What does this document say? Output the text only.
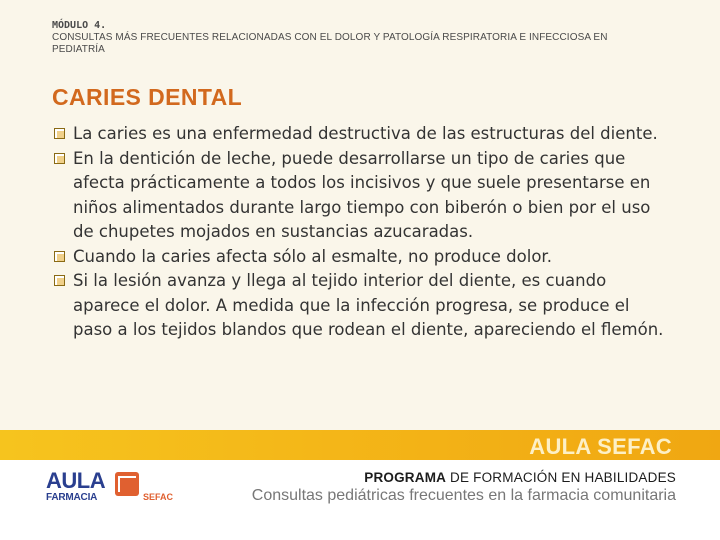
MÓDULO 4.
CONSULTAS MÁS FRECUENTES RELACIONADAS CON EL DOLOR Y PATOLOGÍA RESPIRATORIA E INFECCIOSA EN PEDIATRÍA
CARIES DENTAL
La caries es una enfermedad destructiva de las estructuras del diente.
En la dentición de leche, puede desarrollarse un tipo de caries que afecta prácticamente a todos los incisivos y que suele presentarse en niños alimentados durante largo tiempo con biberón o bien por el uso de chupetes mojados en sustancias azucaradas.
Cuando la caries afecta sólo al esmalte, no produce dolor.
Si la lesión avanza y llega al tejido interior del diente, es cuando aparece el dolor. A medida que la infección progresa, se produce el paso a los tejidos blandos que rodean el diente, apareciendo el flemón.
AULA SEFAC
AULA
FARMACIA	SEFAC
PROGRAMA DE FORMACIÓN EN HABILIDADES
Consultas pediátricas frecuentes en la farmacia comunitaria
